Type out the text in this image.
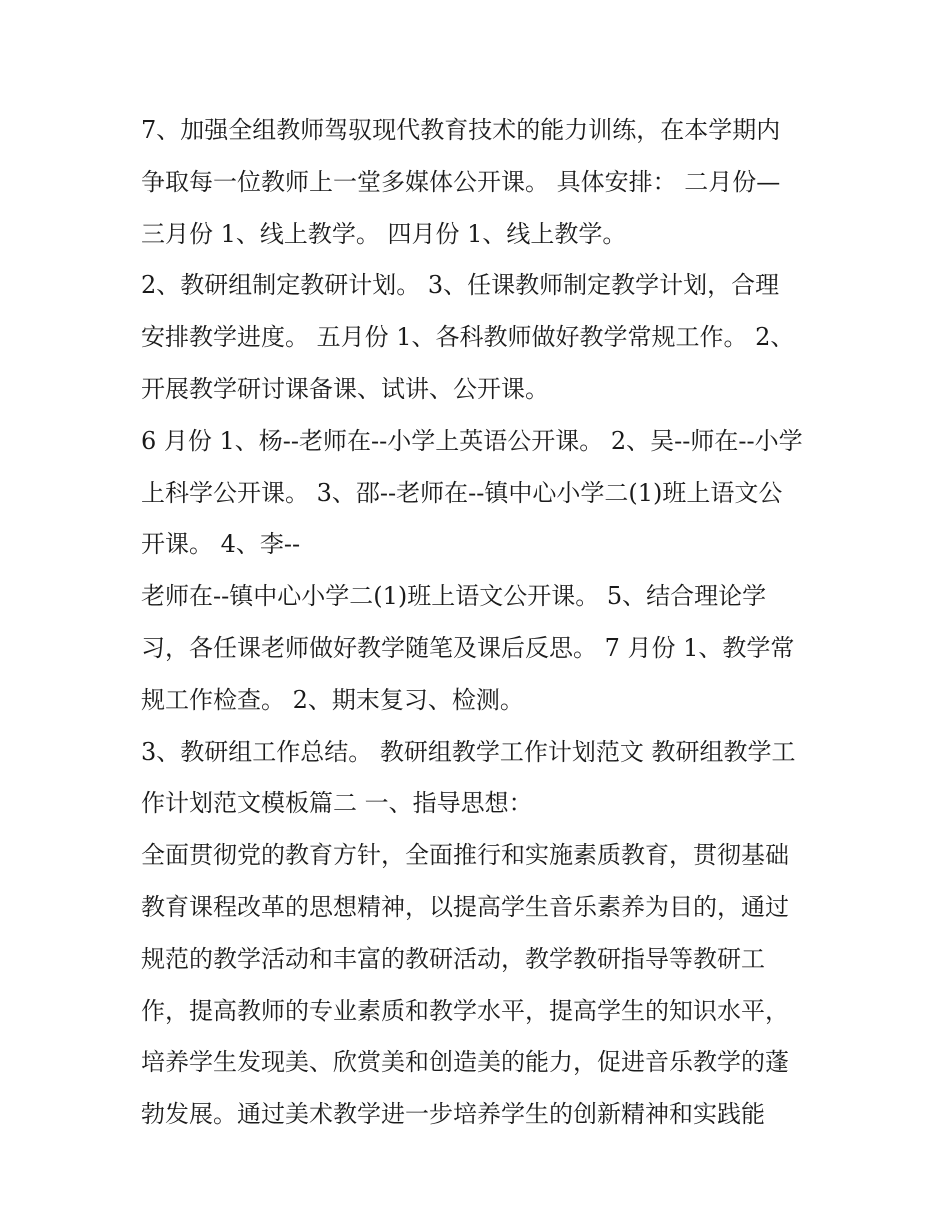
7、加强全组教师驾驭现代教育技术的能力训练，在本学期内
争取每一位教师上一堂多媒体公开课。 具体安排： 二月份—
三月份 1、线上教学。 四月份 1、线上教学。
2、教研组制定教研计划。 3、任课教师制定教学计划，合理
安排教学进度。 五月份 1、各科教师做好教学常规工作。 2、
开展教学研讨课备课、试讲、公开课。
6 月份 1、杨--老师在--小学上英语公开课。 2、吴--师在--小学
上科学公开课。 3、邵--老师在--镇中心小学二(1)班上语文公
开课。 4、李--
老师在--镇中心小学二(1)班上语文公开课。 5、结合理论学
习，各任课老师做好教学随笔及课后反思。 7 月份 1、教学常
规工作检查。 2、期末复习、检测。
3、教研组工作总结。 教研组教学工作计划范文 教研组教学工
作计划范文模板篇二 一、指导思想：
全面贯彻党的教育方针，全面推行和实施素质教育，贯彻基础
教育课程改革的思想精神，以提高学生音乐素养为目的，通过
规范的教学活动和丰富的教研活动，教学教研指导等教研工
作，提高教师的专业素质和教学水平，提高学生的知识水平，
培养学生发现美、欣赏美和创造美的能力，促进音乐教学的蓬
勃发展。通过美术教学进一步培养学生的创新精神和实践能
